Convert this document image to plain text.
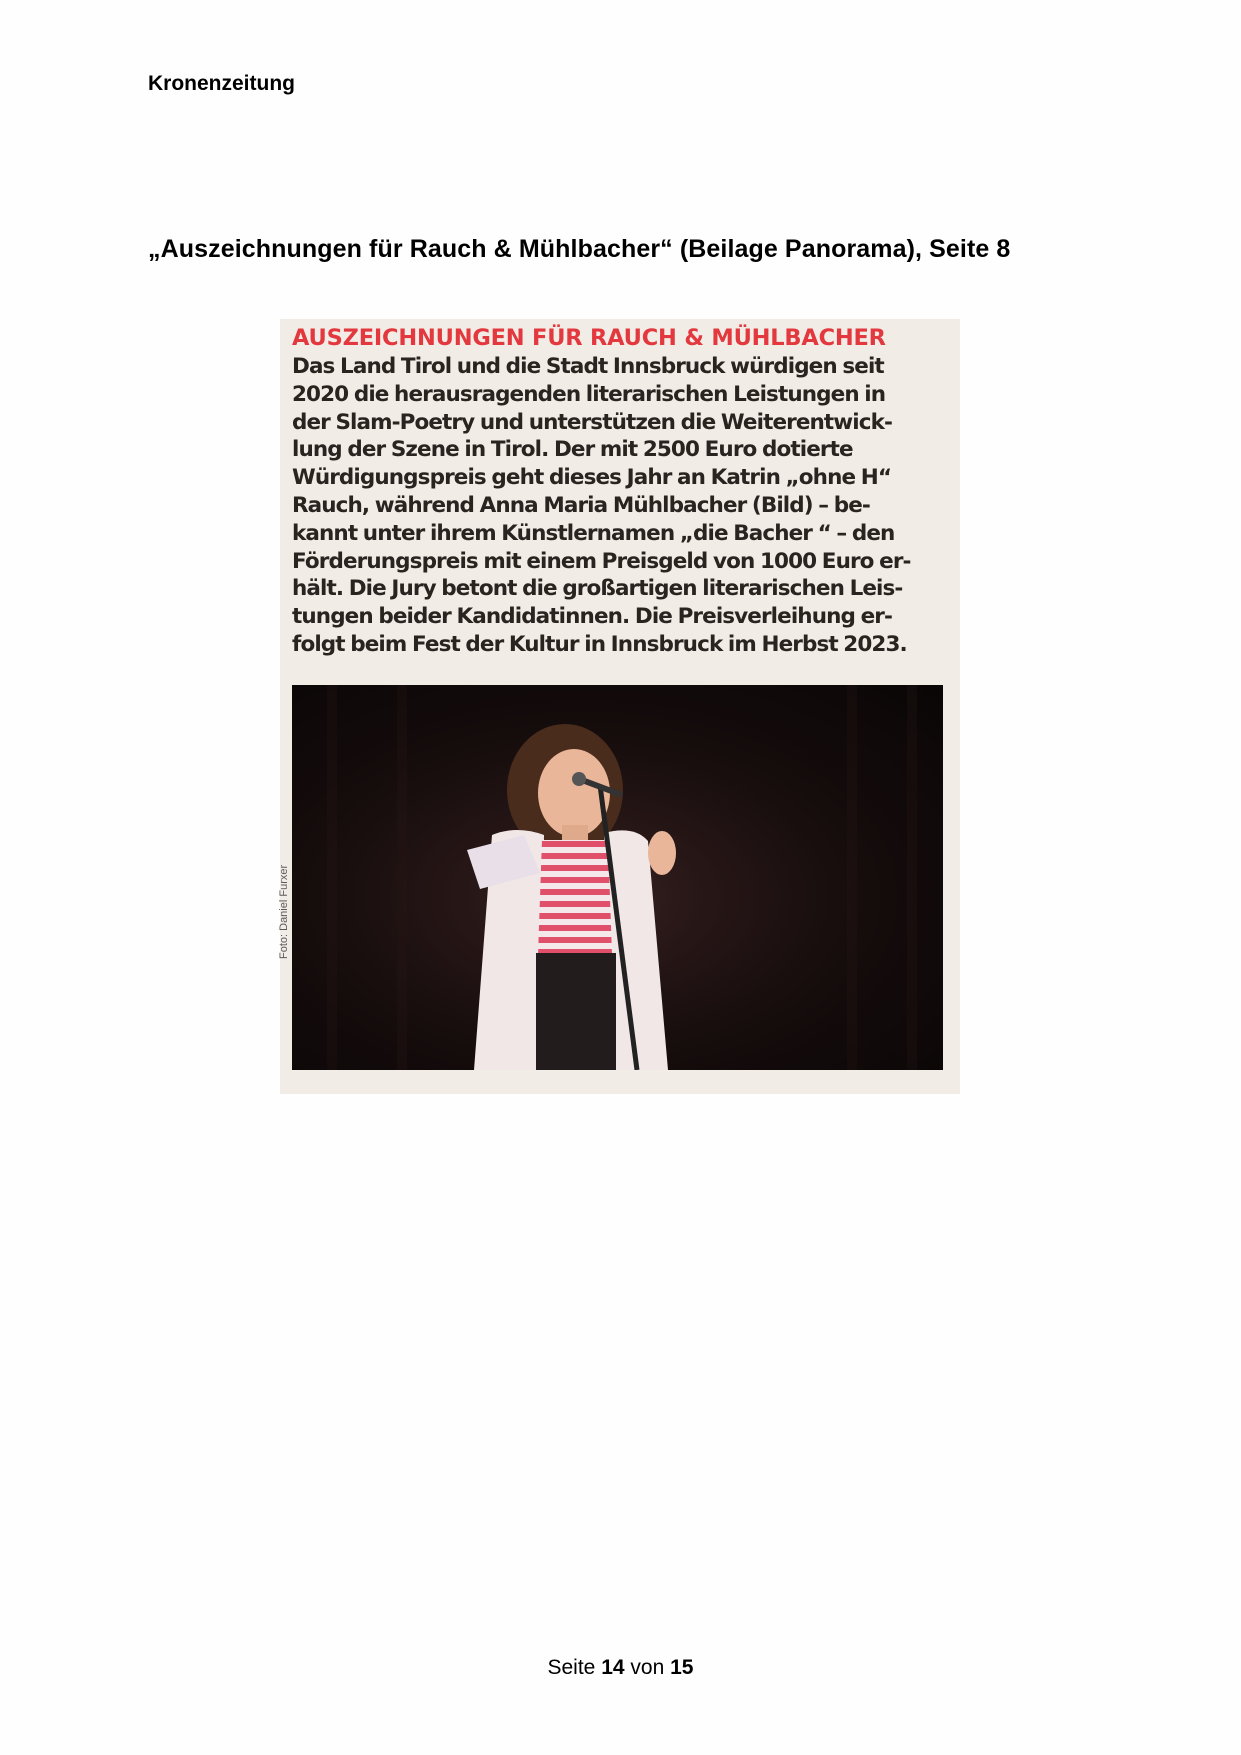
Kronenzeitung
„Auszeichnungen für Rauch & Mühlbacher“ (Beilage Panorama), Seite 8
AUSZEICHNUNGEN FÜR RAUCH & MÜHLBACHER
Das Land Tirol und die Stadt Innsbruck würdigen seit
2020 die herausragenden literarischen Leistungen in
der Slam-Poetry und unterstützen die Weiterentwick-
lung der Szene in Tirol. Der mit 2500 Euro dotierte
Würdigungspreis geht dieses Jahr an Katrin „ohne H“
Rauch, während Anna Maria Mühlbacher (Bild) – be-
kannt unter ihrem Künstlernamen „die Bacher “ – den
Förderungspreis mit einem Preisgeld von 1000 Euro er-
hält. Die Jury betont die großartigen literarischen Leis-
tungen beider Kandidatinnen. Die Preisverleihung er-
folgt beim Fest der Kultur in Innsbruck im Herbst 2023.
Foto: Daniel Furxer
Seite 14 von 15
